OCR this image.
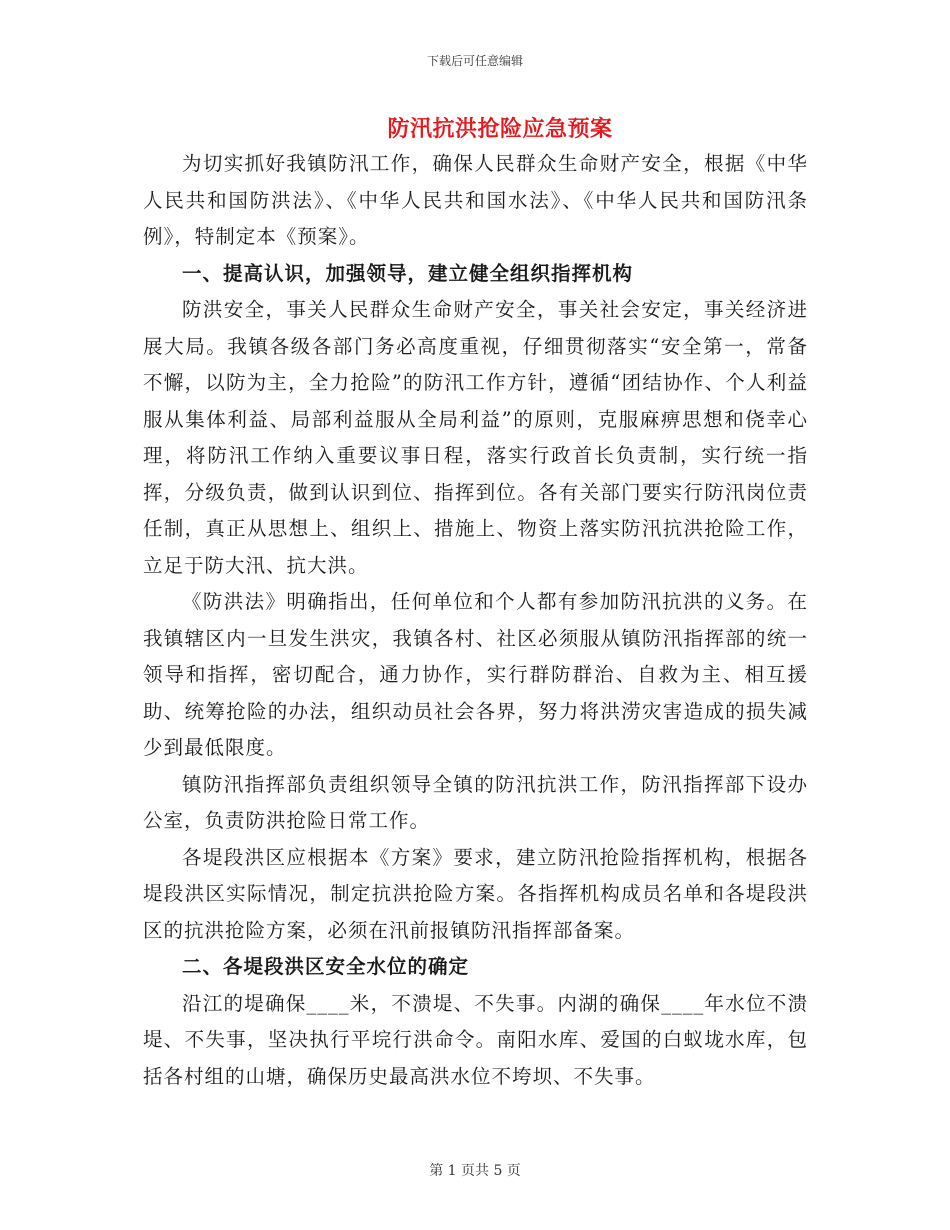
下载后可任意编辑
防汛抗洪抢险应急预案

为切实抓好我镇防汛工作，确保人民群众生命财产安全，根据《中华人民共和国防洪法》、《中华人民共和国水法》、《中华人民共和国防汛条例》，特制定本《预案》。

一、提高认识，加强领导，建立健全组织指挥机构

防洪安全，事关人民群众生命财产安全，事关社会安定，事关经济进展大局。我镇各级各部门务必高度重视，仔细贯彻落实“安全第一，常备不懈，以防为主，全力抢险”的防汛工作方针，遵循“团结协作、个人利益服从集体利益、局部利益服从全局利益”的原则，克服麻痹思想和侥幸心理，将防汛工作纳入重要议事日程，落实行政首长负责制，实行统一指挥，分级负责，做到认识到位、指挥到位。各有关部门要实行防汛岗位责任制，真正从思想上、组织上、措施上、物资上落实防汛抗洪抢险工作，立足于防大汛、抗大洪。

《防洪法》明确指出，任何单位和个人都有参加防汛抗洪的义务。在我镇辖区内一旦发生洪灾，我镇各村、社区必须服从镇防汛指挥部的统一领导和指挥，密切配合，通力协作，实行群防群治、自救为主、相互援助、统筹抢险的办法，组织动员社会各界，努力将洪涝灾害造成的损失减少到最低限度。

镇防汛指挥部负责组织领导全镇的防汛抗洪工作，防汛指挥部下设办公室，负责防洪抢险日常工作。

各堤段洪区应根据本《方案》要求，建立防汛抢险指挥机构，根据各堤段洪区实际情况，制定抗洪抢险方案。各指挥机构成员名单和各堤段洪区的抗洪抢险方案，必须在汛前报镇防汛指挥部备案。

二、各堤段洪区安全水位的确定

沿江的堤确保____米，不溃堤、不失事。内湖的确保____年水位不溃堤、不失事，坚决执行平垸行洪命令。南阳水库、爱国的白蚁垅水库，包括各村组的山塘，确保历史最高洪水位不垮坝、不失事。

第 1 页共 5 页
